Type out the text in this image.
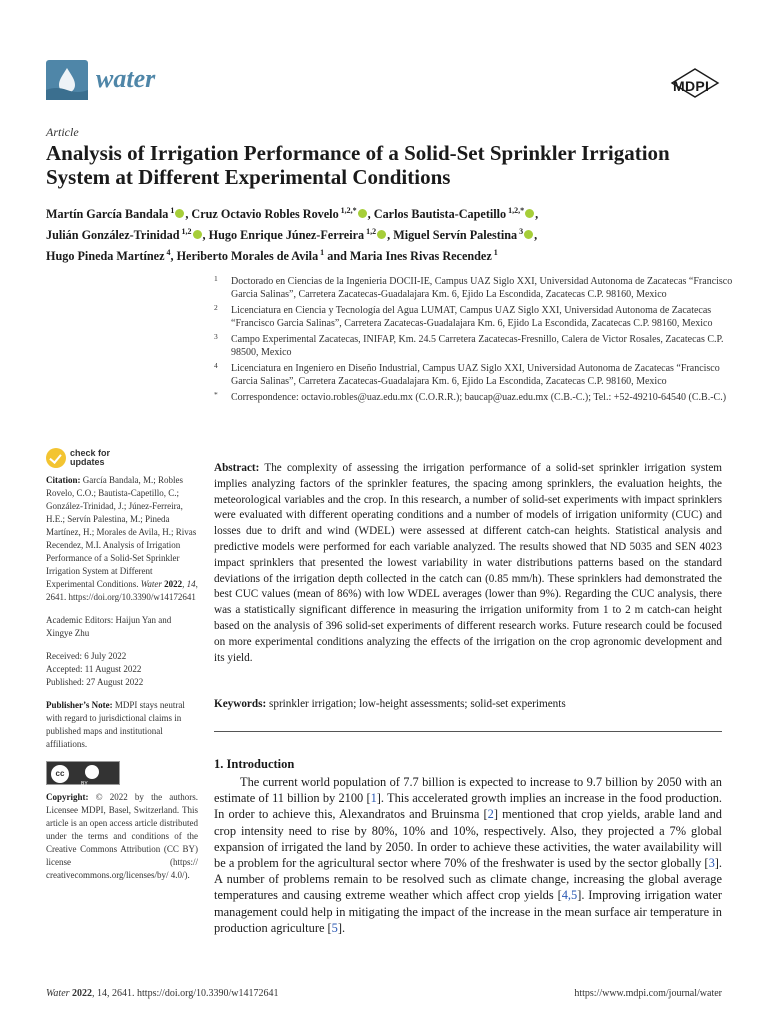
water	MDPI
Article
Analysis of Irrigation Performance of a Solid-Set Sprinkler Irrigation System at Different Experimental Conditions
Martín García Bandala $^1$ , Cruz Octavio Robles Rovelo $^{1,2,*}$ , Carlos Bautista-Capetillo $^{1,2,*}$ ,
Julián González-Trinidad $^{1,2}$ , Hugo Enrique Júnez-Ferreira $^{1,2}$ , Miguel Servín Palestina $^3$ ,
Hugo Pineda Martínez $^4$, Heriberto Morales de Avila $^1$ and Maria Ines Rivas Recendez $^1$
1 Doctorado en Ciencias de la Ingenieria DOCII-IE, Campus UAZ Siglo XXI, Universidad Autonoma de Zacatecas “Francisco Garcia Salinas”, Carretera Zacatecas-Guadalajara Km. 6, Ejido La Escondida, Zacatecas C.P. 98160, Mexico
2 Licenciatura en Ciencia y Tecnología del Agua LUMAT, Campus UAZ Siglo XXI, Universidad Autonoma de Zacatecas “Francisco Garcia Salinas”, Carretera Zacatecas-Guadalajara Km. 6, Ejido La Escondida, Zacatecas C.P. 98160, Mexico
3 Campo Experimental Zacatecas, INIFAP, Km. 24.5 Carretera Zacatecas-Fresnillo, Calera de Victor Rosales, Zacatecas C.P. 98500, Mexico
4 Licenciatura en Ingeniero en Diseño Industrial, Campus UAZ Siglo XXI, Universidad Autonoma de Zacatecas “Francisco Garcia Salinas”, Carretera Zacatecas-Guadalajara Km. 6, Ejido La Escondida, Zacatecas C.P. 98160, Mexico
* Correspondence: octavio.robles@uaz.edu.mx (C.O.R.R.); baucap@uaz.edu.mx (C.B.-C.); Tel.: +52-49210-64540 (C.B.-C.)
check for
updates

Citation: García Bandala, M.; Robles Rovelo, C.O.; Bautista-Capetillo, C.; González-Trinidad, J.; Júnez-Ferreira, H.E.; Servín Palestina, M.; Pineda Martínez, H.; Morales de Avila, H.; Rivas Recendez, M.I. Analysis of Irrigation Performance of a Solid-Set Sprinkler Irrigation System at Different Experimental Conditions. Water 2022, 14, 2641. https://doi.org/10.3390/w14172641

Academic Editors: Haijun Yan and Xingye Zhu

Received: 6 July 2022
Accepted: 11 August 2022
Published: 27 August 2022

Publisher’s Note: MDPI stays neutral with regard to jurisdictional claims in published maps and institutional affiliations.

cc
BY

Copyright: © 2022 by the authors. Licensee MDPI, Basel, Switzerland. This article is an open access article distributed under the terms and conditions of the Creative Commons Attribution (CC BY) license (https:// creativecommons.org/licenses/by/ 4.0/).

Abstract: The complexity of assessing the irrigation performance of a solid-set sprinkler irrigation system implies analyzing factors of the sprinkler features, the spacing among sprinklers, the evaluation heights, the meteorological variables and the crop. In this research, a number of solid-set experiments with impact sprinklers were evaluated with different operating conditions and a number of models of irrigation uniformity (CUC) and losses due to drift and wind (WDEL) were assessed at different catch-can heights. Statistical analysis and predictive models were performed for each variable analyzed. The results showed that ND 5035 and SEN 4023 impact sprinklers that presented the lowest variability in water distributions patterns based on the standard deviations of the irrigation depth collected in the catch can (0.85 mm/h). These sprinklers had demonstrated the best CUC values (mean of 86%) with low WDEL averages (lower than 9%). Regarding the CUC analysis, there was a statistically significant difference in measuring the irrigation uniformity from 1 to 2 m catch-can height based on the analysis of 396 solid-set experiments of different research works. Future research could be focused on more experimental conditions analyzing the effects of the irrigation on the crop agronomic development and its yield.
Keywords: sprinkler irrigation; low-height assessments; solid-set experiments
1. Introduction

The current world population of 7.7 billion is expected to increase to 9.7 billion by 2050 with an estimate of 11 billion by 2100 [1]. This accelerated growth implies an increase in the food production. In order to achieve this, Alexandratos and Bruinsma [2] mentioned that crop yields, arable land and crop intensity need to rise by 80%, 10% and 10%, respectively. Also, they projected a 7% global expansion of irrigated the land by 2050. In order to achieve these activities, the water availability will be a problem for the agricultural sector where 70% of the freshwater is used by the sector globally [3]. A number of problems remain to be resolved such as climate change, increasing the global average temperatures and causing extreme weather which affect crop yields [4,5]. Improving irrigation water management could help in mitigating the impact of the increase in the mean surface air temperature in production agriculture [5].

Water 2022, 14, 2641. https://doi.org/10.3390/w14172641	https://www.mdpi.com/journal/water
